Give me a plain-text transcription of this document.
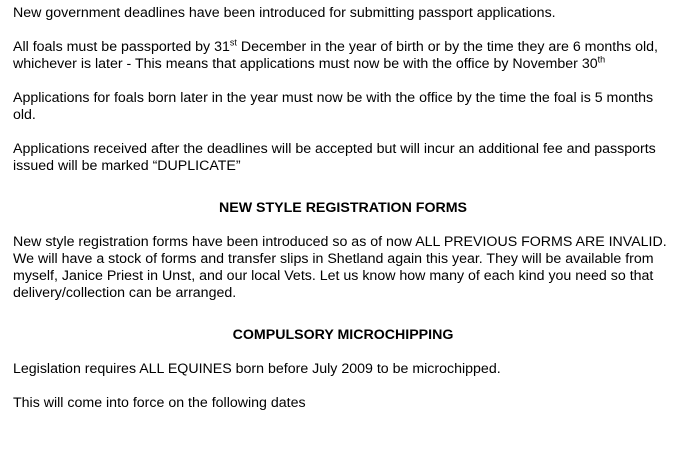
New government deadlines have been introduced for submitting passport applications.

All foals must be passported by 31st December in the year of birth or by the time they are 6 months old, whichever is later - This means that applications must now be with the office by November 30th

Applications for foals born later in the year must now be with the office by the time the foal is 5 months old.

Applications received after the deadlines will be accepted but will incur an additional fee and passports issued will be marked “DUPLICATE”

NEW STYLE REGISTRATION FORMS

New style registration forms have been introduced so as of now ALL PREVIOUS FORMS ARE INVALID. We will have a stock of forms and transfer slips in Shetland again this year. They will be available from myself, Janice Priest in Unst, and our local Vets. Let us know how many of each kind you need so that delivery/collection can be arranged.

COMPULSORY MICROCHIPPING

Legislation requires ALL EQUINES born before July 2009 to be microchipped.

This will come into force on the following dates
